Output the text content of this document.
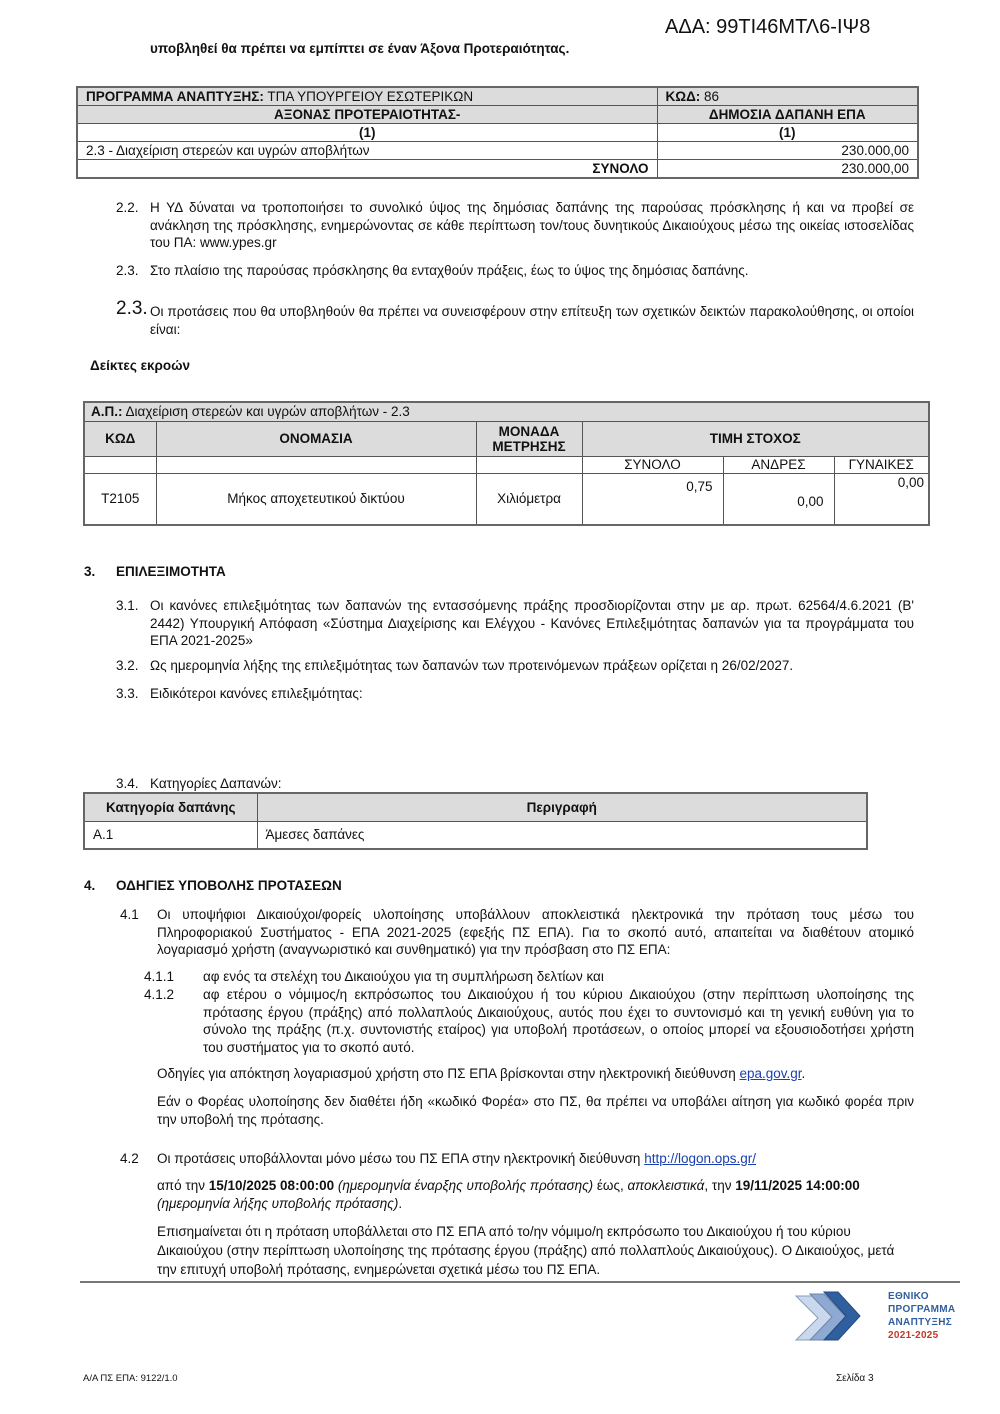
ΑΔΑ: 99ΤΙ46ΜΤΛ6-ΙΨ8
υποβληθεί θα πρέπει να εμπίπτει σε έναν Άξονα Προτεραιότητας.
ΠΡΟΓΡΑΜΜΑ ΑΝΑΠΤΥΞΗΣ: ΤΠΑ ΥΠΟΥΡΓΕΙΟΥ ΕΣΩΤΕΡΙΚΩΝ	ΚΩΔ: 86
ΑΞΟΝΑΣ ΠΡΟΤΕΡΑΙΟΤΗΤΑΣ-	ΔΗΜΟΣΙΑ ΔΑΠΑΝΗ ΕΠΑ
(1)	(1)
2.3 - Διαχείριση στερεών και υγρών αποβλήτων	230.000,00
ΣΥΝΟΛΟ	230.000,00
2.2. Η ΥΔ δύναται να τροποποιήσει το συνολικό ύψος της δημόσιας δαπάνης της παρούσας πρόσκλησης ή και να προβεί σε ανάκληση της πρόσκλησης, ενημερώνοντας σε κάθε περίπτωση τον/τους δυνητικούς Δικαιούχους μέσω της οικείας ιστοσελίδας του ΠΑ: www.ypes.gr
2.3. Στο πλαίσιο της παρούσας πρόσκλησης θα ενταχθούν πράξεις, έως το ύψος της δημόσιας δαπάνης.
2.3. Οι προτάσεις που θα υποβληθούν θα πρέπει να συνεισφέρουν στην επίτευξη των σχετικών δεικτών παρακολούθησης, οι οποίοι είναι:
Δείκτες εκροών
Α.Π.: Διαχείριση στερεών και υγρών αποβλήτων - 2.3					
ΚΩΔ	ΟΝΟΜΑΣΙΑ	ΜΟΝΑΔΑ ΜΕΤΡΗΣΗΣ	ΤΙΜΗ ΣΤΟΧΟΣ		
			ΣΥΝΟΛΟ	ΑΝΔΡΕΣ	ΓΥΝΑΙΚΕΣ
T2105	Μήκος αποχετευτικού δικτύου	Χιλιόμετρα	0,75	0,00	0,00
3. ΕΠΙΛΕΞΙΜΟΤΗΤΑ
3.1. Οι κανόνες επιλεξιμότητας των δαπανών της εντασσόμενης πράξης προσδιορίζονται στην με αρ. πρωτ. 62564/4.6.2021 (Β' 2442) Υπουργική Απόφαση «Σύστημα Διαχείρισης και Ελέγχου - Κανόνες Επιλεξιμότητας δαπανών για τα προγράμματα του ΕΠΑ 2021-2025»
3.2. Ως ημερομηνία λήξης της επιλεξιμότητας των δαπανών των προτεινόμενων πράξεων ορίζεται η 26/02/2027.
3.3. Ειδικότεροι κανόνες επιλεξιμότητας:
3.4. Κατηγορίες Δαπανών:
Κατηγορία δαπάνης	Περιγραφή
Α.1	Άμεσες δαπάνες
4. ΟΔΗΓΙΕΣ ΥΠΟΒΟΛΗΣ ΠΡΟΤΑΣΕΩΝ
4.1 Οι υποψήφιοι Δικαιούχοι/φορείς υλοποίησης υποβάλλουν αποκλειστικά ηλεκτρονικά την πρόταση τους μέσω του Πληροφοριακού Συστήματος - ΕΠΑ 2021-2025 (εφεξής ΠΣ ΕΠΑ). Για το σκοπό αυτό, απαιτείται να διαθέτουν ατομικό λογαριασμό χρήστη (αναγνωριστικό και συνθηματικό) για την πρόσβαση στο ΠΣ ΕΠΑ:
4.1.1 αφ ενός τα στελέχη του Δικαιούχου για τη συμπλήρωση δελτίων και
4.1.2 αφ ετέρου ο νόμιμος/η εκπρόσωπος του Δικαιούχου ή του κύριου Δικαιούχου (στην περίπτωση υλοποίησης της πρότασης έργου (πράξης) από πολλαπλούς Δικαιούχους, αυτός που έχει το συντονισμό και τη γενική ευθύνη για το σύνολο της πράξης (π.χ. συντονιστής εταίρος) για υποβολή προτάσεων, ο οποίος μπορεί να εξουσιοδοτήσει χρήστη του συστήματος για το σκοπό αυτό.
Οδηγίες για απόκτηση λογαριασμού χρήστη στο ΠΣ ΕΠΑ βρίσκονται στην ηλεκτρονική διεύθυνση epa.gov.gr.
Εάν ο Φορέας υλοποίησης δεν διαθέτει ήδη «κωδικό Φορέα» στο ΠΣ, θα πρέπει να υποβάλει αίτηση για κωδικό φορέα πριν την υποβολή της πρότασης.
4.2 Οι προτάσεις υποβάλλονται μόνο μέσω του ΠΣ ΕΠΑ στην ηλεκτρονική διεύθυνση http://logon.ops.gr/
από την 15/10/2025 08:00:00 (ημερομηνία έναρξης υποβολής πρότασης) έως, αποκλειστικά, την 19/11/2025 14:00:00 (ημερομηνία λήξης υποβολής πρότασης).
Επισημαίνεται ότι η πρόταση υποβάλλεται στο ΠΣ ΕΠΑ από το/ην νόμιμο/η εκπρόσωπο του Δικαιούχου ή του κύριου Δικαιούχου (στην περίπτωση υλοποίησης της πρότασης έργου (πράξης) από πολλαπλούς Δικαιούχους). Ο Δικαιούχος, μετά την επιτυχή υποβολή πρότασης, ενημερώνεται σχετικά μέσω του ΠΣ ΕΠΑ.
ΕΘΝΙΚΟ
ΠΡΟΓΡΑΜΜΑ
ΑΝΑΠΤΥΞΗΣ
2021-2025
Α/Α ΠΣ ΕΠΑ: 9122/1.0	Σελίδα 3
